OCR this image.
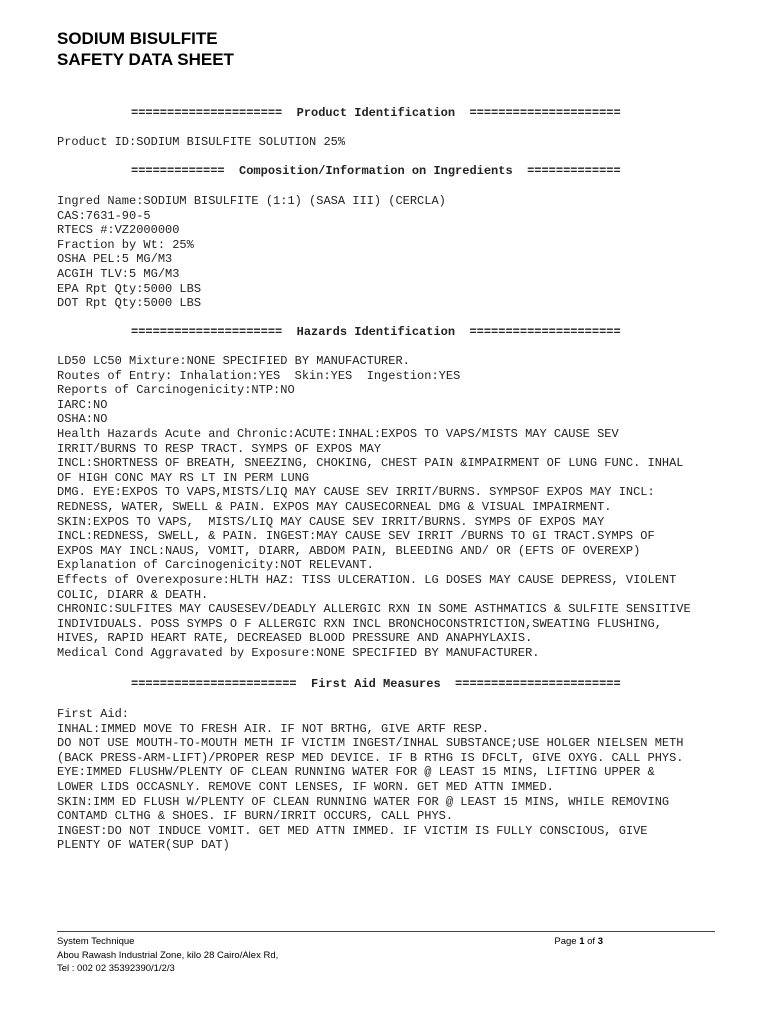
SODIUM BISULFITE
SAFETY DATA SHEET
=====================  Product Identification  =====================
Product ID:SODIUM BISULFITE SOLUTION 25%
=============  Composition/Information on Ingredients  =============
Ingred Name:SODIUM BISULFITE (1:1) (SASA III) (CERCLA)
CAS:7631-90-5
RTECS #:VZ2000000
Fraction by Wt: 25%
OSHA PEL:5 MG/M3
ACGIH TLV:5 MG/M3
EPA Rpt Qty:5000 LBS
DOT Rpt Qty:5000 LBS
=====================  Hazards Identification  =====================
LD50 LC50 Mixture:NONE SPECIFIED BY MANUFACTURER.
Routes of Entry: Inhalation:YES  Skin:YES  Ingestion:YES
Reports of Carcinogenicity:NTP:NO
IARC:NO
OSHA:NO
Health Hazards Acute and Chronic:ACUTE:INHAL:EXPOS TO VAPS/MISTS MAY CAUSE SEV
IRRIT/BURNS TO RESP TRACT. SYMPS OF EXPOS MAY
INCL:SHORTNESS OF BREATH, SNEEZING, CHOKING, CHEST PAIN &IMPAIRMENT OF LUNG FUNC. INHAL
OF HIGH CONC MAY RS LT IN PERM LUNG
DMG. EYE:EXPOS TO VAPS,MISTS/LIQ MAY CAUSE SEV IRRIT/BURNS. SYMPSOF EXPOS MAY INCL:
REDNESS, WATER, SWELL & PAIN. EXPOS MAY CAUSECORNEAL DMG & VISUAL IMPAIRMENT.
SKIN:EXPOS TO VAPS,  MISTS/LIQ MAY CAUSE SEV IRRIT/BURNS. SYMPS OF EXPOS MAY
INCL:REDNESS, SWELL, & PAIN. INGEST:MAY CAUSE SEV IRRIT /BURNS TO GI TRACT.SYMPS OF
EXPOS MAY INCL:NAUS, VOMIT, DIARR, ABDOM PAIN, BLEEDING AND/ OR (EFTS OF OVEREXP)
Explanation of Carcinogenicity:NOT RELEVANT.
Effects of Overexposure:HLTH HAZ: TISS ULCERATION. LG DOSES MAY CAUSE DEPRESS, VIOLENT
COLIC, DIARR & DEATH.
CHRONIC:SULFITES MAY CAUSESEV/DEADLY ALLERGIC RXN IN SOME ASTHMATICS & SULFITE SENSITIVE
INDIVIDUALS. POSS SYMPS O F ALLERGIC RXN INCL BRONCHOCONSTRICTION,SWEATING FLUSHING,
HIVES, RAPID HEART RATE, DECREASED BLOOD PRESSURE AND ANAPHYLAXIS.
Medical Cond Aggravated by Exposure:NONE SPECIFIED BY MANUFACTURER.
=======================  First Aid Measures  =======================
First Aid:
INHAL:IMMED MOVE TO FRESH AIR. IF NOT BRTHG, GIVE ARTF RESP.
DO NOT USE MOUTH-TO-MOUTH METH IF VICTIM INGEST/INHAL SUBSTANCE;USE HOLGER NIELSEN METH
(BACK PRESS-ARM-LIFT)/PROPER RESP MED DEVICE. IF B RTHG IS DFCLT, GIVE OXYG. CALL PHYS.
EYE:IMMED FLUSHW/PLENTY OF CLEAN RUNNING WATER FOR @ LEAST 15 MINS, LIFTING UPPER &
LOWER LIDS OCCASNLY. REMOVE CONT LENSES, IF WORN. GET MED ATTN IMMED.
SKIN:IMM ED FLUSH W/PLENTY OF CLEAN RUNNING WATER FOR @ LEAST 15 MINS, WHILE REMOVING
CONTAMD CLTHG & SHOES. IF BURN/IRRIT OCCURS, CALL PHYS.
INGEST:DO NOT INDUCE VOMIT. GET MED ATTN IMMED. IF VICTIM IS FULLY CONSCIOUS, GIVE
PLENTY OF WATER(SUP DAT)
System Technique
Abou Rawash Industrial Zone, kilo 28 Cairo/Alex Rd,
Tel : 002 02 35392390/1/2/3
Page 1 of 3
